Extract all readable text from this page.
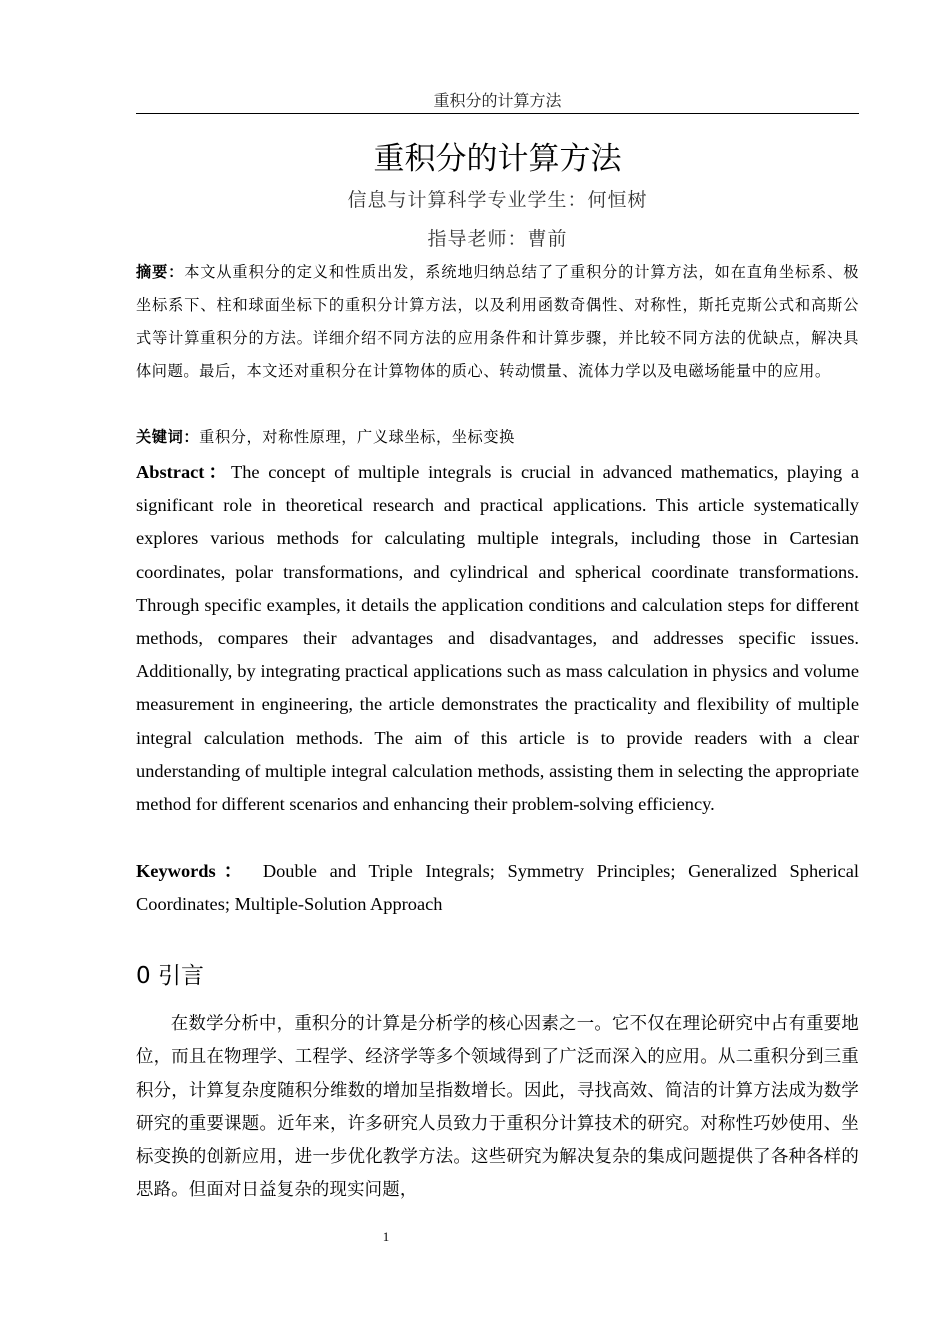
重积分的计算方法
重积分的计算方法
信息与计算科学专业学生：何恒树
指导老师：曹前
摘要：本文从重积分的定义和性质出发，系统地归纳总结了了重积分的计算方法，如在直角坐标系、极坐标系下、柱和球面坐标下的重积分计算方法，以及利用函数奇偶性、对称性，斯托克斯公式和高斯公式等计算重积分的方法。详细介绍不同方法的应用条件和计算步骤，并比较不同方法的优缺点，解决具体问题。最后，本文还对重积分在计算物体的质心、转动惯量、流体力学以及电磁场能量中的应用。
关键词：重积分，对称性原理，广义球坐标，坐标变换
Abstract：The concept of multiple integrals is crucial in advanced mathematics, playing a significant role in theoretical research and practical applications. This article systematically explores various methods for calculating multiple integrals, including those in Cartesian coordinates, polar transformations, and cylindrical and spherical coordinate transformations. Through specific examples, it details the application conditions and calculation steps for different methods, compares their advantages and disadvantages, and addresses specific issues. Additionally, by integrating practical applications such as mass calculation in physics and volume measurement in engineering, the article demonstrates the practicality and flexibility of multiple integral calculation methods. The aim of this article is to provide readers with a clear understanding of multiple integral calculation methods, assisting them in selecting the appropriate method for different scenarios and enhancing their problem-solving efficiency.
Keywords： Double and Triple Integrals; Symmetry Principles; Generalized Spherical Coordinates; Multiple-Solution Approach
0 引言
在数学分析中，重积分的计算是分析学的核心因素之一。它不仅在理论研究中占有重要地位，而且在物理学、工程学、经济学等多个领域得到了广泛而深入的应用。从二重积分到三重积分，计算复杂度随积分维数的增加呈指数增长。因此，寻找高效、简洁的计算方法成为数学研究的重要课题。近年来，许多研究人员致力于重积分计算技术的研究。对称性巧妙使用、坐标变换的创新应用，进一步优化教学方法。这些研究为解决复杂的集成问题提供了各种各样的思路。但面对日益复杂的现实问题，
1
